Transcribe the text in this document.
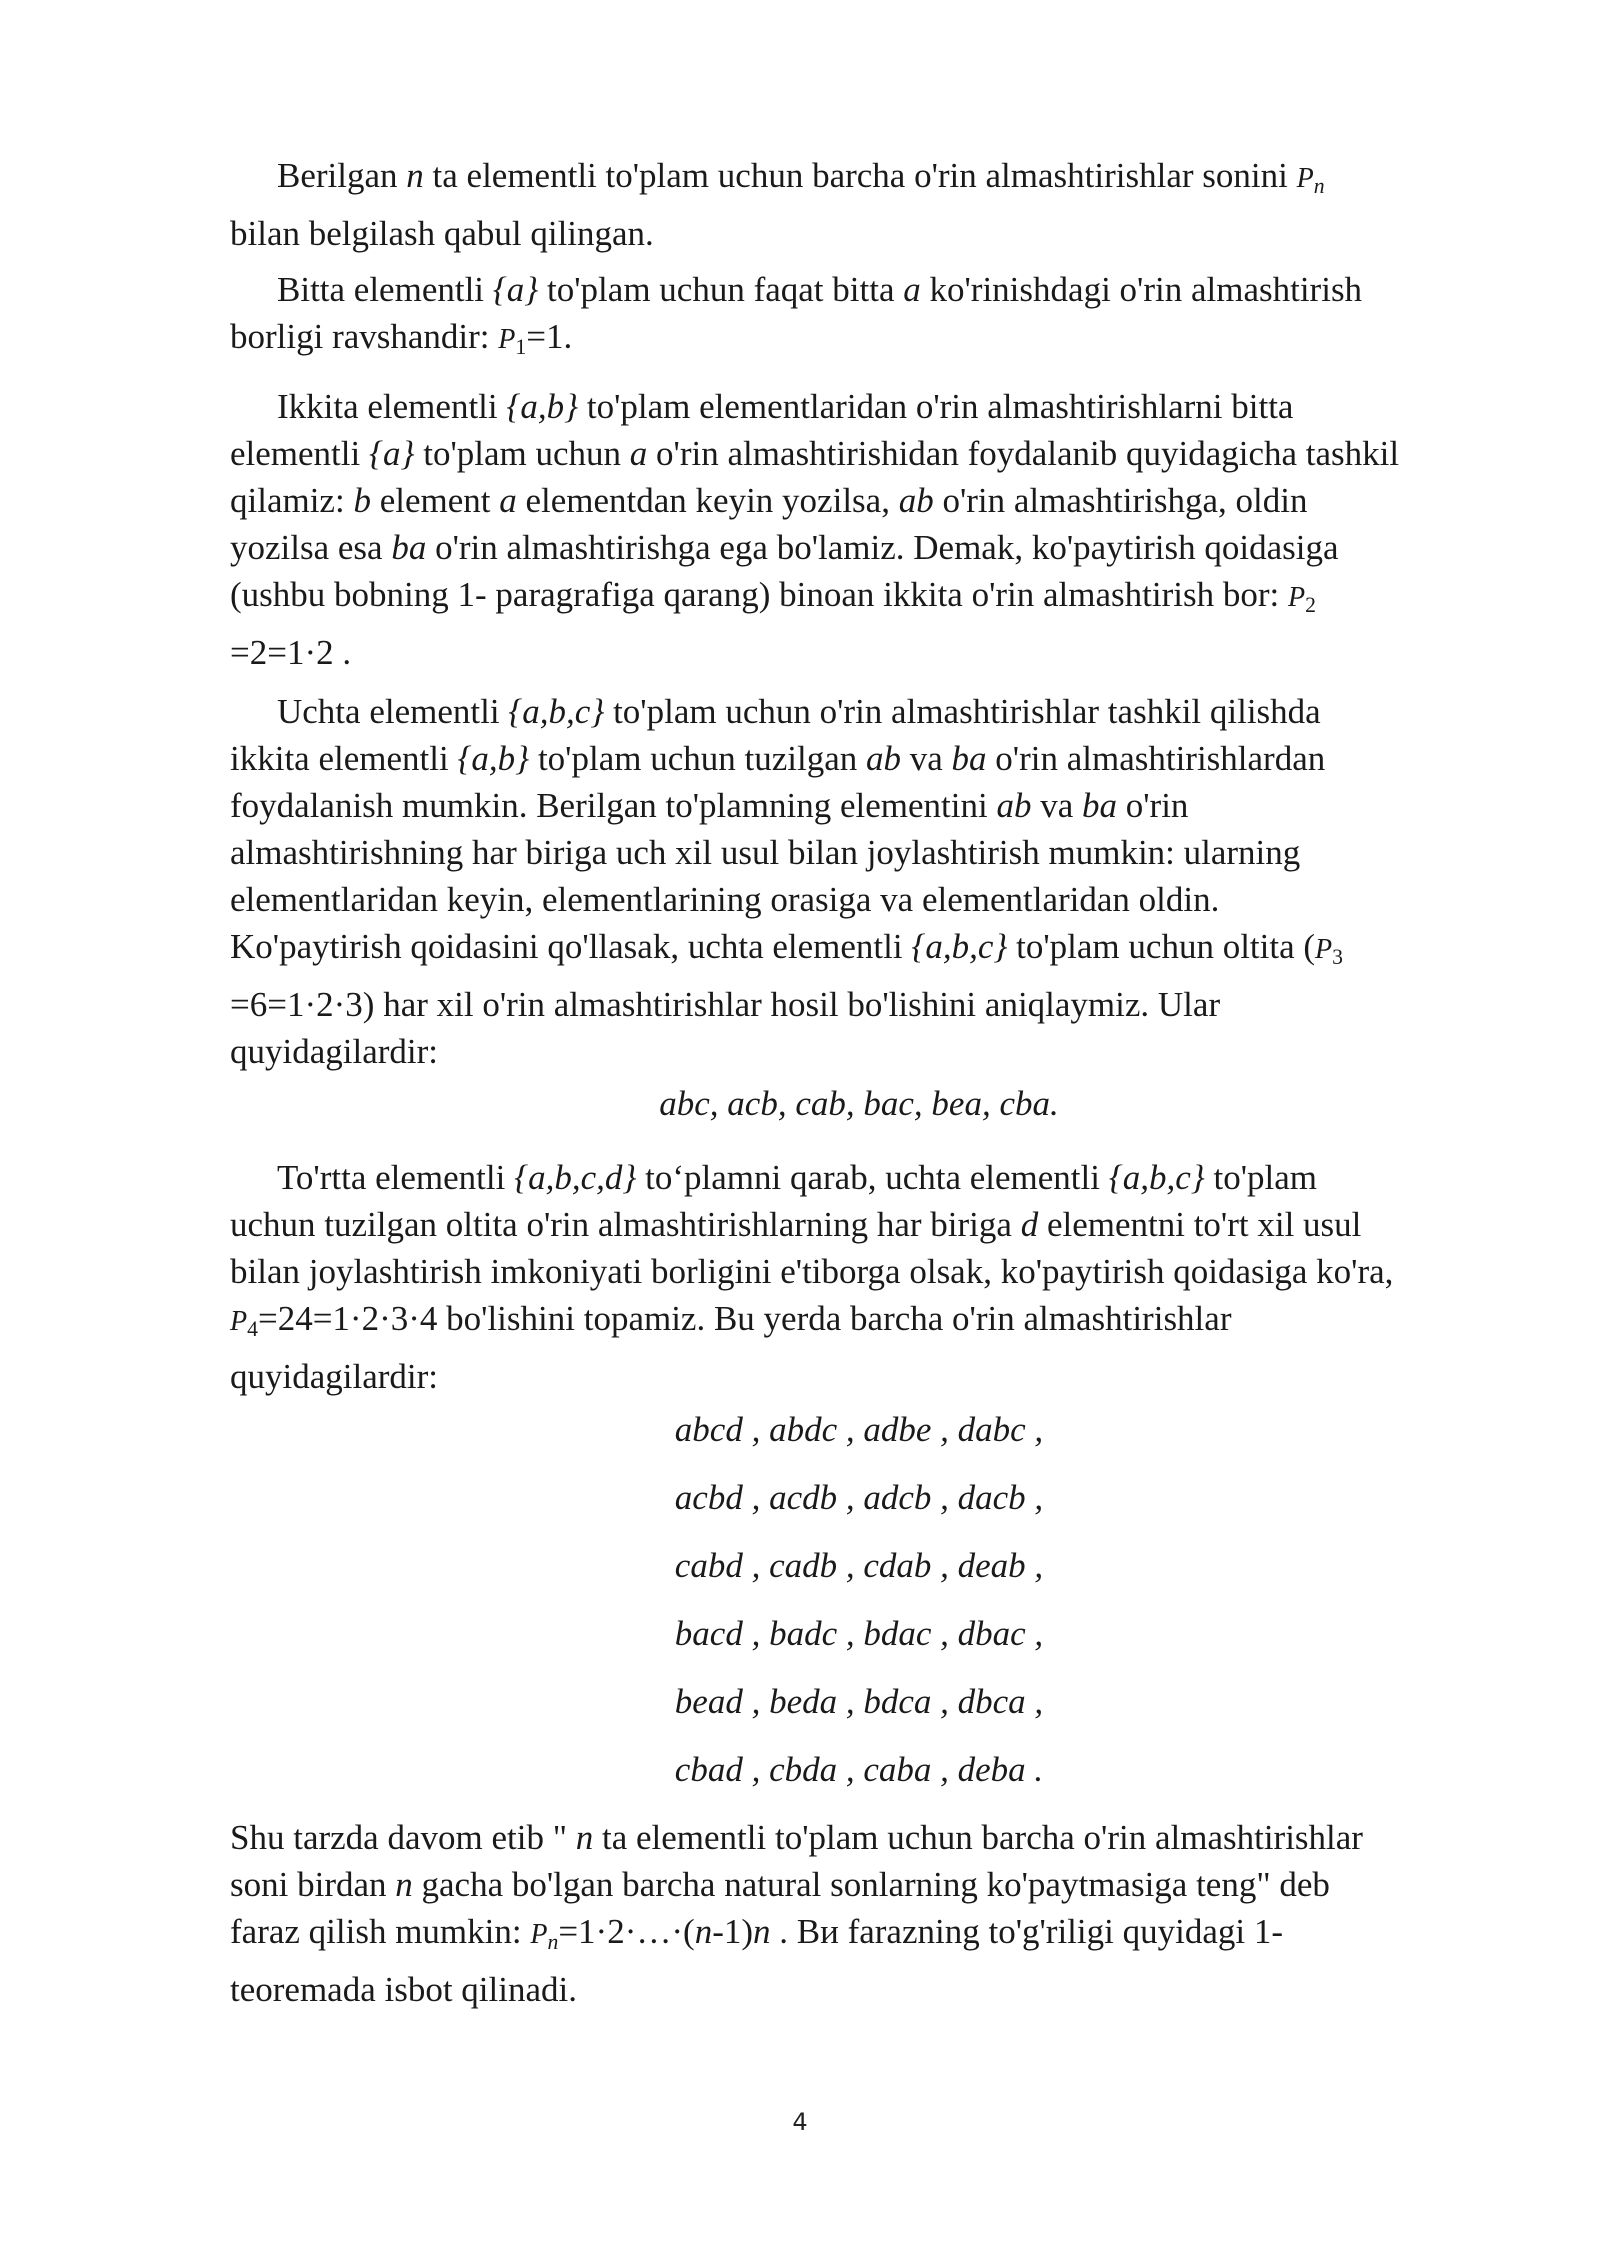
Berilgan n ta elementli to'plam uchun barcha o'rin almashtirishlar sonini $P_n$
bilan belgilash qabul qilingan.
Bitta elementli {a} to'plam uchun faqat bitta a ko'rinishdagi o'rin almashtirish
borligi ravshandir: P1=1.
Ikkita elementli {a,b} to'plam elementlaridan o'rin almashtirishlarni bitta
elementli {a} to'plam uchun a o'rin almashtirishidan foydalanib quyidagicha tashkil
qilamiz: b element a elementdan keyin yozilsa, ab o'rin almashtirishga, oldin
yozilsa esa ba o'rin almashtirishga ega bo'lamiz. Demak, ko'paytirish qoidasiga
(ushbu bobning 1- paragrafiga qarang) binoan ikkita o'rin almashtirish bor: P2
=2=1·2 .
Uchta elementli {a,b,c} to'plam uchun o'rin almashtirishlar tashkil qilishda
ikkita elementli {a,b} to'plam uchun tuzilgan ab va ba o'rin almashtirishlardan
foydalanish mumkin. Berilgan to'plamning elementini ab va ba o'rin
almashtirishning har biriga uch xil usul bilan joylashtirish mumkin: ularning
elementlaridan keyin, elementlarining orasiga va elementlaridan oldin.
Ko'paytirish qoidasini qo'llasak, uchta elementli {a,b,c} to'plam uchun oltita (P3
=6=1·2·3) har xil o'rin almashtirishlar hosil bo'lishini aniqlaymiz. Ular
quyidagilardir:
abc, acb, cab, bac, bea, cba.
To'rtta elementli {a,b,c,d} to‘plamni qarab, uchta elementli {a,b,c} to'plam
uchun tuzilgan oltita o'rin almashtirishlarning har biriga d elementni to'rt xil usul
bilan joylashtirish imkoniyati borligini e'tiborga olsak, ko'paytirish qoidasiga ko'ra,
P4=24=1·2·3·4 bo'lishini topamiz. Bu yerda barcha o'rin almashtirishlar
quyidagilardir:
abcd , abdc , adbe , dabc ,
acbd , acdb , adcb , dacb ,
cabd , cadb , cdab , deab ,
bacd , badc , bdac , dbac ,
bead , beda , bdca , dbca ,
cbad , cbda , caba , deba .
Shu tarzda davom etib " n ta elementli to'plam uchun barcha o'rin almashtirishlar
soni birdan n gacha bo'lgan barcha natural sonlarning ko'paytmasiga teng" deb
faraz qilish mumkin: $P_n=1\cdot 2\cdot\dots\cdot(n-1)n$ . Ви farazning to'g'riligi quyidagi 1-
teoremada isbot qilinadi.
4
